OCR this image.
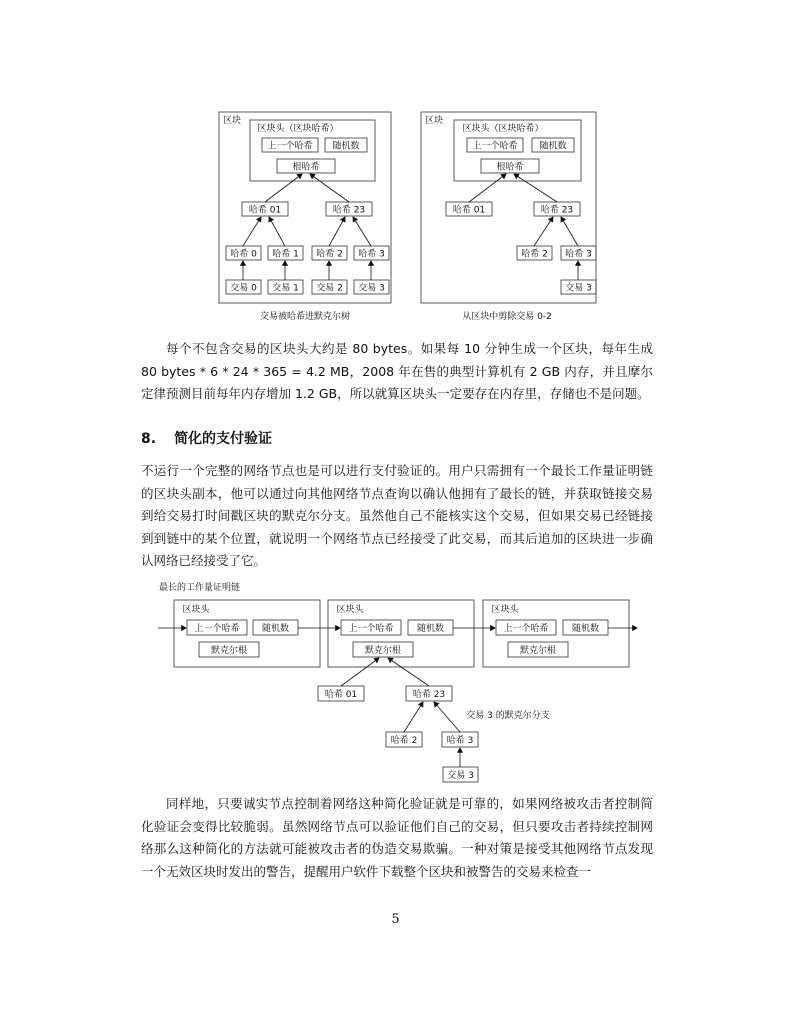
区块
区块头（区块哈希）
上一个哈希 随机数
根哈希
哈希 01	哈希 23
哈希 0 哈希 1 哈希 2 哈希 3
交易 0 交易 1 交易 2 交易 3
交易被哈希进默克尔树
区块
区块头（区块哈希）
上一个哈希 随机数
根哈希
哈希 01	哈希 23
哈希 2 哈希 3
交易 3
从区块中剪除交易 0-2
每个不包含交易的区块头大约是 80 bytes。如果每 10 分钟生成一个区块，每年生成 80 bytes * 6 * 24 * 365 = 4.2 MB，2008 年在售的典型计算机有 2 GB 内存，并且摩尔定律预测目前每年内存增加 1.2 GB，所以就算区块头一定要存在内存里，存储也不是问题。
8. 简化的支付验证
不运行一个完整的网络节点也是可以进行支付验证的。用户只需拥有一个最长工作量证明链的区块头副本，他可以通过向其他网络节点查询以确认他拥有了最长的链，并获取链接交易到给交易打时间戳区块的默克尔分支。虽然他自己不能核实这个交易，但如果交易已经链接到到链中的某个位置，就说明一个网络节点已经接受了此交易，而其后追加的区块进一步确认网络已经接受了它。
最长的工作量证明链
区块头
上一个哈希 随机数
默克尔根
区块头
上一个哈希	随机数
默克尔根
区块头
上一个哈希	随机数
默克尔根
哈希 01	哈希 23
哈希 2	哈希 3
交易 3
交易 3 的默克尔分支
同样地，只要诚实节点控制着网络这种简化验证就是可靠的，如果网络被攻击者控制简化验证会变得比较脆弱。虽然网络节点可以验证他们自己的交易，但只要攻击者持续控制网络那么这种简化的方法就可能被攻击者的伪造交易欺骗。一种对策是接受其他网络节点发现一个无效区块时发出的警告，提醒用户软件下载整个区块和被警告的交易来检查一
5
